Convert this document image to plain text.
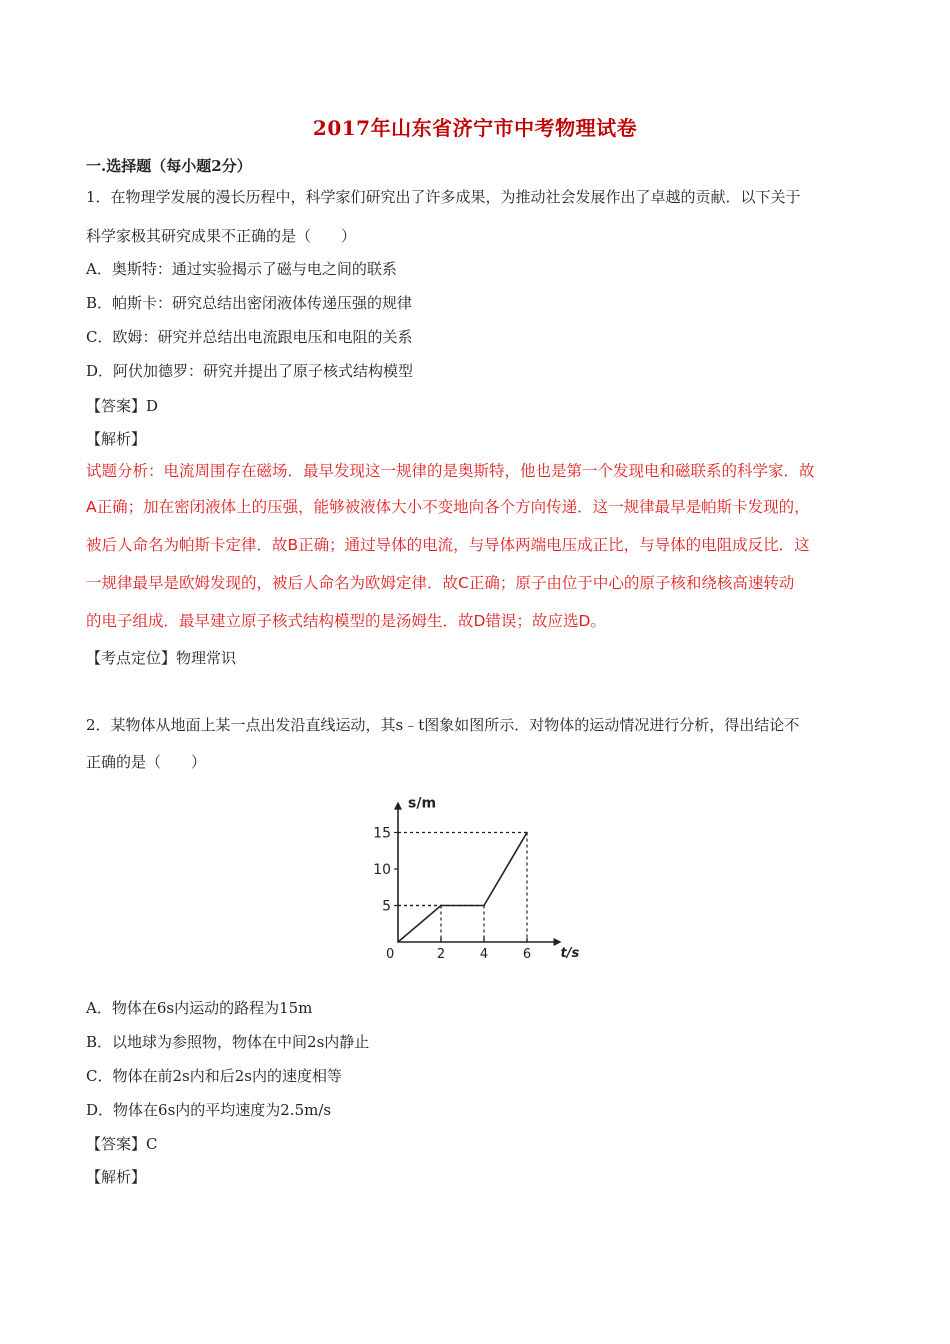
2017年山东省济宁市中考物理试卷
一.选择题（每小题2分）
1．在物理学发展的漫长历程中，科学家们研究出了许多成果，为推动社会发展作出了卓越的贡献．以下关于
科学家极其研究成果不正确的是（　　）
A．奥斯特：通过实验揭示了磁与电之间的联系
B．帕斯卡：研究总结出密闭液体传递压强的规律
C．欧姆：研究并总结出电流跟电压和电阻的关系
D．阿伏加德罗：研究并提出了原子核式结构模型
【答案】D
【解析】
试题分析：电流周围存在磁场．最早发现这一规律的是奥斯特，他也是第一个发现电和磁联系的科学家．故
A正确；加在密闭液体上的压强，能够被液体大小不变地向各个方向传递．这一规律最早是帕斯卡发现的，
被后人命名为帕斯卡定律．故B正确；通过导体的电流，与导体两端电压成正比，与导体的电阻成反比．这
一规律最早是欧姆发现的，被后人命名为欧姆定律．故C正确；原子由位于中心的原子核和绕核高速转动
的电子组成．最早建立原子核式结构模型的是汤姆生．故D错误；故应选D。
【考点定位】物理常识
2．某物体从地面上某一点出发沿直线运动，其s﹣t图象如图所示．对物体的运动情况进行分析，得出结论不
正确的是（　　）
s/m
t/s
0	2	4	6
5
10
15
A．物体在6s内运动的路程为15m
B．以地球为参照物，物体在中间2s内静止
C．物体在前2s内和后2s内的速度相等
D．物体在6s内的平均速度为2.5m/s
【答案】C
【解析】
